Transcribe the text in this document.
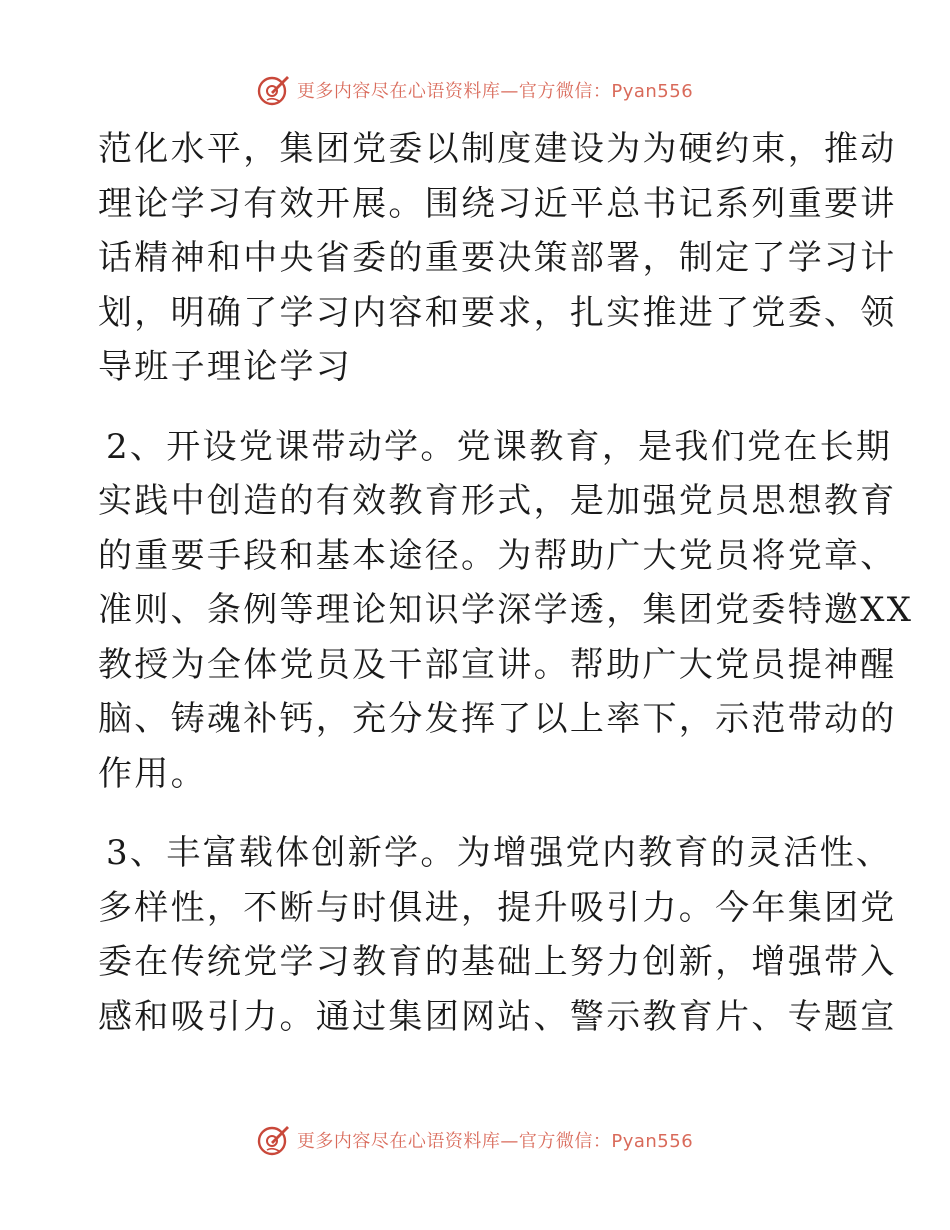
更多内容尽在心语资料库—官方微信：Pyan556
范化水平，集团党委以制度建设为为硬约束，推动
理论学习有效开展。围绕习近平总书记系列重要讲
话精神和中央省委的重要决策部署，制定了学习计
划，明确了学习内容和要求，扎实推进了党委、领
导班子理论学习
2、开设党课带动学。党课教育，是我们党在长期
实践中创造的有效教育形式，是加强党员思想教育
的重要手段和基本途径。为帮助广大党员将党章、
准则、条例等理论知识学深学透，集团党委特邀XX
教授为全体党员及干部宣讲。帮助广大党员提神醒
脑、铸魂补钙，充分发挥了以上率下，示范带动的
作用。
3、丰富载体创新学。为增强党内教育的灵活性、
多样性，不断与时俱进，提升吸引力。今年集团党
委在传统党学习教育的基础上努力创新，增强带入
感和吸引力。通过集团网站、警示教育片、专题宣
更多内容尽在心语资料库—官方微信：Pyan556
